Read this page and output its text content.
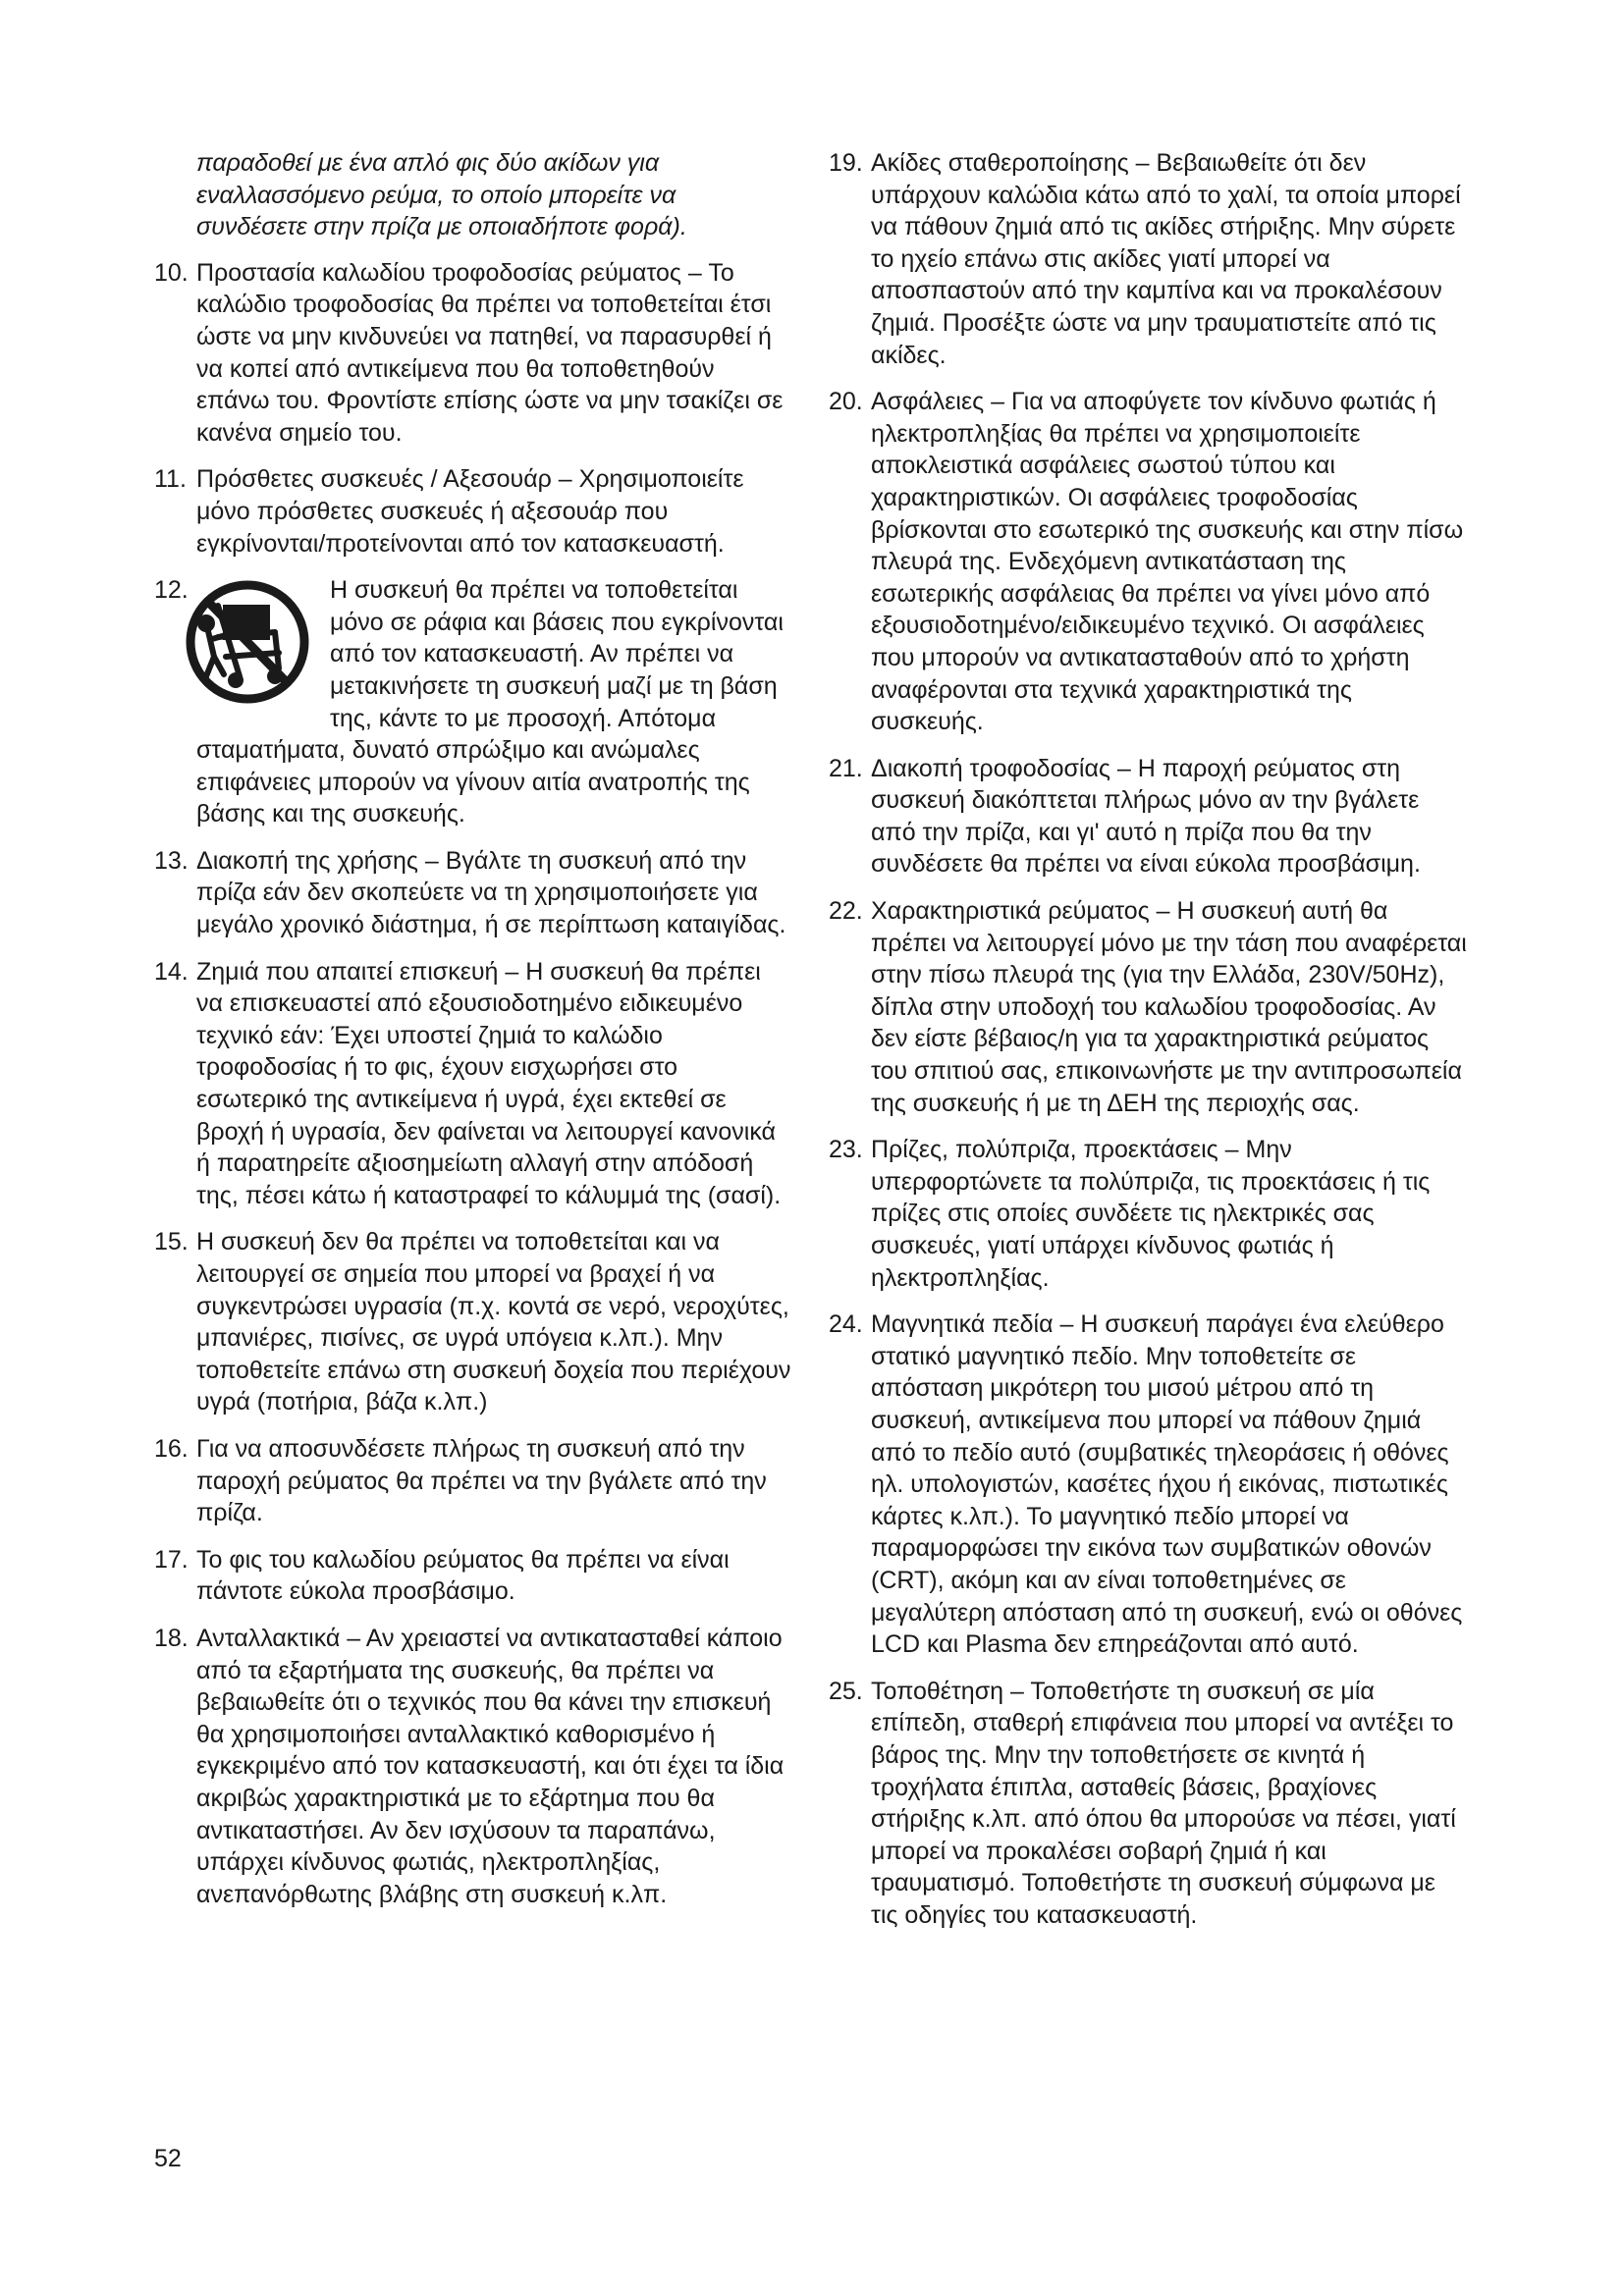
παραδοθεί με ένα απλό φις δύο ακίδων για εναλλασσόμενο ρεύμα, το οποίο μπορείτε να συνδέσετε στην πρίζα με οποιαδήποτε φορά).
10. Προστασία καλωδίου τροφοδοσίας ρεύματος – Το καλώδιο τροφοδοσίας θα πρέπει να τοποθετείται έτσι ώστε να μην κινδυνεύει να πατηθεί, να παρασυρθεί ή να κοπεί από αντικείμενα που θα τοποθετηθούν επάνω του. Φροντίστε επίσης ώστε να μην τσακίζει σε κανένα σημείο του.
11. Πρόσθετες συσκευές / Αξεσουάρ – Χρησιμοποιείτε μόνο πρόσθετες συσκευές ή αξεσουάρ που εγκρίνονται/προτείνονται από τον κατασκευαστή.
12.	Η συσκευή θα πρέπει να τοποθετείται μόνο σε ράφια και βάσεις που εγκρίνονται από τον κατασκευαστή. Αν πρέπει να μετακινήσετε τη συσκευή μαζί με τη βάση της, κάντε το με προσοχή. Απότομα σταματήματα, δυνατό σπρώξιμο και ανώμαλες επιφάνειες μπορούν να γίνουν αιτία ανατροπής της βάσης και της συσκευής.
13. Διακοπή της χρήσης – Βγάλτε τη συσκευή από την πρίζα εάν δεν σκοπεύετε να τη χρησιμοποιήσετε για μεγάλο χρονικό διάστημα, ή σε περίπτωση καταιγίδας.
14. Ζημιά που απαιτεί επισκευή – Η συσκευή θα πρέπει να επισκευαστεί από εξουσιοδοτημένο ειδικευμένο τεχνικό εάν: Έχει υποστεί ζημιά το καλώδιο τροφοδοσίας ή το φις, έχουν εισχωρήσει στο εσωτερικό της αντικείμενα ή υγρά, έχει εκτεθεί σε βροχή ή υγρασία, δεν φαίνεται να λειτουργεί κανονικά ή παρατηρείτε αξιοσημείωτη αλλαγή στην απόδοσή της, πέσει κάτω ή καταστραφεί το κάλυμμά της (σασί).
15. Η συσκευή δεν θα πρέπει να τοποθετείται και να λειτουργεί σε σημεία που μπορεί να βραχεί ή να συγκεντρώσει υγρασία (π.χ. κοντά σε νερό, νεροχύτες, μπανιέρες, πισίνες, σε υγρά υπόγεια κ.λπ.). Μην τοποθετείτε επάνω στη συσκευή δοχεία που περιέχουν υγρά (ποτήρια, βάζα κ.λπ.)
16. Για να αποσυνδέσετε πλήρως τη συσκευή από την παροχή ρεύματος θα πρέπει να την βγάλετε από την πρίζα.
17. Το φις του καλωδίου ρεύματος θα πρέπει να είναι πάντοτε εύκολα προσβάσιμο.
18. Ανταλλακτικά – Αν χρειαστεί να αντικατασταθεί κάποιο από τα εξαρτήματα της συσκευής, θα πρέπει να βεβαιωθείτε ότι ο τεχνικός που θα κάνει την επισκευή θα χρησιμοποιήσει ανταλλακτικό καθορισμένο ή εγκεκριμένο από τον κατασκευαστή, και ότι έχει τα ίδια ακριβώς χαρακτηριστικά με το εξάρτημα που θα αντικαταστήσει. Αν δεν ισχύσουν τα παραπάνω, υπάρχει κίνδυνος φωτιάς, ηλεκτροπληξίας, ανεπανόρθωτης βλάβης στη συσκευή κ.λπ.
19. Ακίδες σταθεροποίησης – Βεβαιωθείτε ότι δεν υπάρχουν καλώδια κάτω από το χαλί, τα οποία μπορεί να πάθουν ζημιά από τις ακίδες στήριξης. Μην σύρετε το ηχείο επάνω στις ακίδες γιατί μπορεί να αποσπαστούν από την καμπίνα και να προκαλέσουν ζημιά. Προσέξτε ώστε να μην τραυματιστείτε από τις ακίδες.
20. Ασφάλειες – Για να αποφύγετε τον κίνδυνο φωτιάς ή ηλεκτροπληξίας θα πρέπει να χρησιμοποιείτε αποκλειστικά ασφάλειες σωστού τύπου και χαρακτηριστικών. Οι ασφάλειες τροφοδοσίας βρίσκονται στο εσωτερικό της συσκευής και στην πίσω πλευρά της. Ενδεχόμενη αντικατάσταση της εσωτερικής ασφάλειας θα πρέπει να γίνει μόνο από εξουσιοδοτημένο/ειδικευμένο τεχνικό. Οι ασφάλειες που μπορούν να αντικατασταθούν από το χρήστη αναφέρονται στα τεχνικά χαρακτηριστικά της συσκευής.
21. Διακοπή τροφοδοσίας – Η παροχή ρεύματος στη συσκευή διακόπτεται πλήρως μόνο αν την βγάλετε από την πρίζα, και γι' αυτό η πρίζα που θα την συνδέσετε θα πρέπει να είναι εύκολα προσβάσιμη.
22. Χαρακτηριστικά ρεύματος – Η συσκευή αυτή θα πρέπει να λειτουργεί μόνο με την τάση που αναφέρεται στην πίσω πλευρά της (για την Ελλάδα, 230V/50Hz), δίπλα στην υποδοχή του καλωδίου τροφοδοσίας. Αν δεν είστε βέβαιος/η για τα χαρακτηριστικά ρεύματος του σπιτιού σας, επικοινωνήστε με την αντιπροσωπεία της συσκευής ή με τη ΔΕΗ της περιοχής σας.
23. Πρίζες, πολύπριζα, προεκτάσεις – Μην υπερφορτώνετε τα πολύπριζα, τις προεκτάσεις ή τις πρίζες στις οποίες συνδέετε τις ηλεκτρικές σας συσκευές, γιατί υπάρχει κίνδυνος φωτιάς ή ηλεκτροπληξίας.
24. Μαγνητικά πεδία – Η συσκευή παράγει ένα ελεύθερο στατικό μαγνητικό πεδίο. Μην τοποθετείτε σε απόσταση μικρότερη του μισού μέτρου από τη συσκευή, αντικείμενα που μπορεί να πάθουν ζημιά από το πεδίο αυτό (συμβατικές τηλεοράσεις ή οθόνες ηλ. υπολογιστών, κασέτες ήχου ή εικόνας, πιστωτικές κάρτες κ.λπ.). Το μαγνητικό πεδίο μπορεί να παραμορφώσει την εικόνα των συμβατικών οθονών (CRT), ακόμη και αν είναι τοποθετημένες σε μεγαλύτερη απόσταση από τη συσκευή, ενώ οι οθόνες LCD και Plasma δεν επηρεάζονται από αυτό.
25. Τοποθέτηση – Τοποθετήστε τη συσκευή σε μία επίπεδη, σταθερή επιφάνεια που μπορεί να αντέξει το βάρος της. Μην την τοποθετήσετε σε κινητά ή τροχήλατα έπιπλα, ασταθείς βάσεις, βραχίονες στήριξης κ.λπ. από όπου θα μπορούσε να πέσει, γιατί μπορεί να προκαλέσει σοβαρή ζημιά ή και τραυματισμό. Τοποθετήστε τη συσκευή σύμφωνα με τις οδηγίες του κατασκευαστή.
52
